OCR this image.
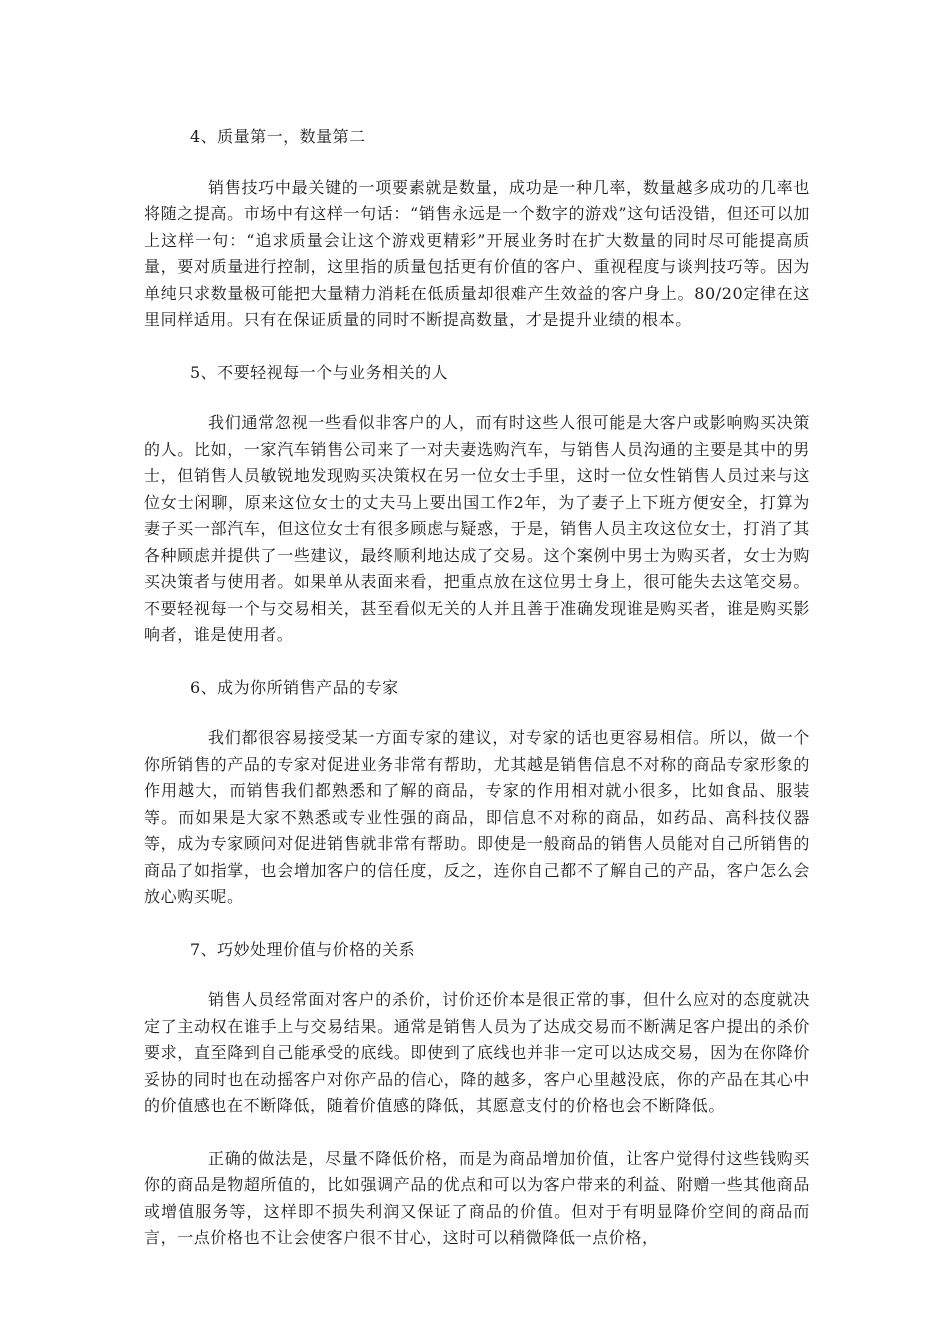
4、质量第一，数量第二

销售技巧中最关键的一项要素就是数量，成功是一种几率，数量越多成功的几率也将随之提高。市场中有这样一句话：“销售永远是一个数字的游戏”这句话没错，但还可以加上这样一句：“追求质量会让这个游戏更精彩”开展业务时在扩大数量的同时尽可能提高质量，要对质量进行控制，这里指的质量包括更有价值的客户、重视程度与谈判技巧等。因为单纯只求数量极可能把大量精力消耗在低质量却很难产生效益的客户身上。80/20定律在这里同样适用。只有在保证质量的同时不断提高数量，才是提升业绩的根本。

5、不要轻视每一个与业务相关的人

我们通常忽视一些看似非客户的人，而有时这些人很可能是大客户或影响购买决策的人。比如，一家汽车销售公司来了一对夫妻选购汽车，与销售人员沟通的主要是其中的男士，但销售人员敏锐地发现购买决策权在另一位女士手里，这时一位女性销售人员过来与这位女士闲聊，原来这位女士的丈夫马上要出国工作2年，为了妻子上下班方便安全，打算为妻子买一部汽车，但这位女士有很多顾虑与疑惑，于是，销售人员主攻这位女士，打消了其各种顾虑并提供了一些建议，最终顺利地达成了交易。这个案例中男士为购买者，女士为购买决策者与使用者。如果单从表面来看，把重点放在这位男士身上，很可能失去这笔交易。不要轻视每一个与交易相关，甚至看似无关的人并且善于准确发现谁是购买者，谁是购买影响者，谁是使用者。

6、成为你所销售产品的专家

我们都很容易接受某一方面专家的建议，对专家的话也更容易相信。所以，做一个你所销售的产品的专家对促进业务非常有帮助，尤其越是销售信息不对称的商品专家形象的作用越大，而销售我们都熟悉和了解的商品，专家的作用相对就小很多，比如食品、服装等。而如果是大家不熟悉或专业性强的商品，即信息不对称的商品，如药品、高科技仪器等，成为专家顾问对促进销售就非常有帮助。即使是一般商品的销售人员能对自己所销售的商品了如指掌，也会增加客户的信任度，反之，连你自己都不了解自己的产品，客户怎么会放心购买呢。

7、巧妙处理价值与价格的关系

销售人员经常面对客户的杀价，讨价还价本是很正常的事，但什么应对的态度就决定了主动权在谁手上与交易结果。通常是销售人员为了达成交易而不断满足客户提出的杀价要求，直至降到自己能承受的底线。即使到了底线也并非一定可以达成交易，因为在你降价妥协的同时也在动摇客户对你产品的信心，降的越多，客户心里越没底，你的产品在其心中的价值感也在不断降低，随着价值感的降低，其愿意支付的价格也会不断降低。

正确的做法是，尽量不降低价格，而是为商品增加价值，让客户觉得付这些钱购买你的商品是物超所值的，比如强调产品的优点和可以为客户带来的利益、附赠一些其他商品或增值服务等，这样即不损失利润又保证了商品的价值。但对于有明显降价空间的商品而言，一点价格也不让会使客户很不甘心，这时可以稍微降低一点价格，
